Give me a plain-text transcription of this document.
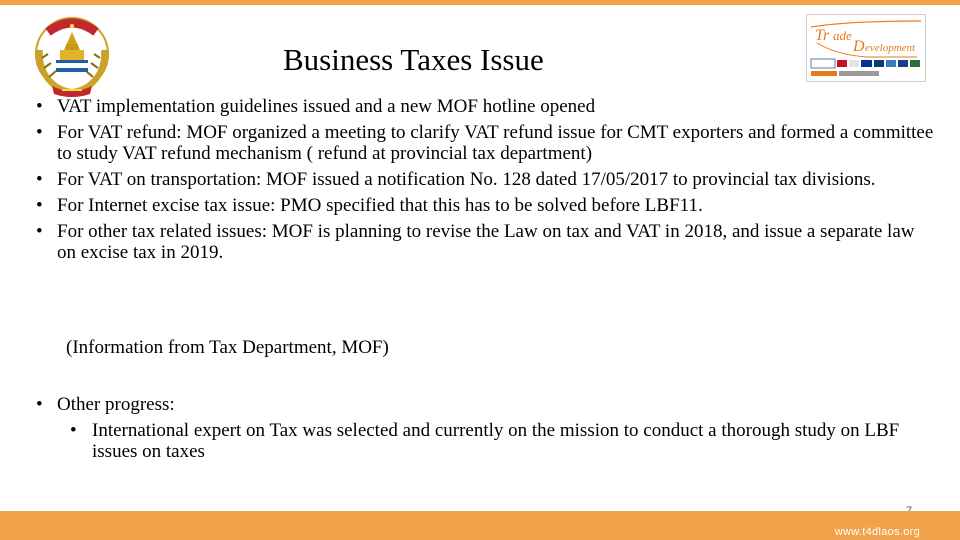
Tr ade
D evelopment
Business Taxes Issue
• VAT implementation guidelines issued and a new MOF hotline opened
• For VAT refund: MOF organized a meeting to clarify VAT refund issue for CMT exporters and formed a committee to study VAT refund mechanism ( refund at provincial tax department)
• For VAT on transportation: MOF issued a notification No. 128 dated 17/05/2017 to provincial tax divisions.
• For Internet excise tax issue: PMO specified that this has to be solved before LBF11.
• For other tax related issues: MOF is planning to revise the Law on tax and VAT in 2018, and issue a separate law on excise tax in 2019.
(Information from Tax Department, MOF)
• Other progress:
• International expert on Tax was selected and currently on the mission to conduct a thorough study on LBF issues on taxes
www.t4dlaos.org
